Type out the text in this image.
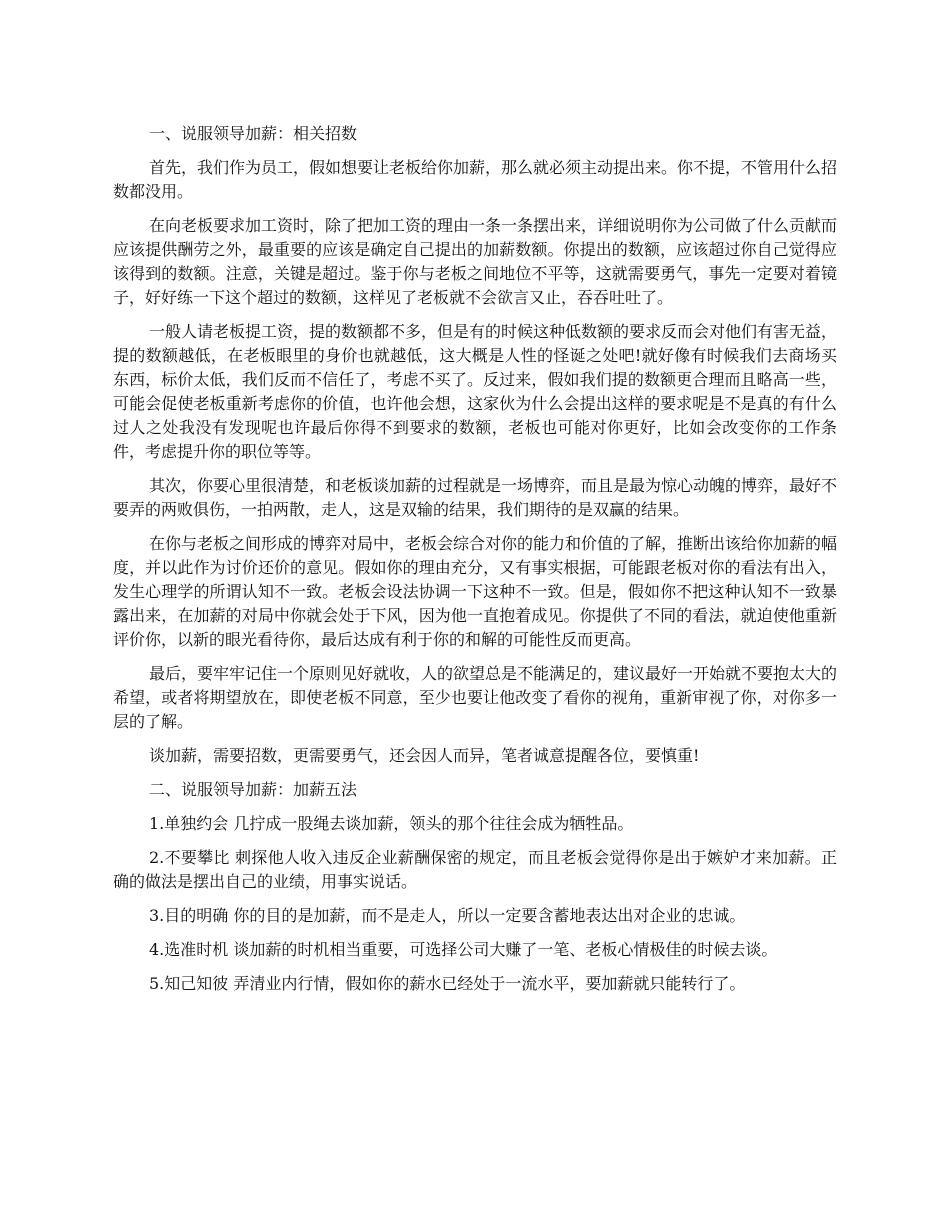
一、说服领导加薪：相关招数

首先，我们作为员工，假如想要让老板给你加薪，那么就必须主动提出来。你不提，不管用什么招数都没用。

在向老板要求加工资时，除了把加工资的理由一条一条摆出来，详细说明你为公司做了什么贡献而应该提供酬劳之外，最重要的应该是确定自己提出的加薪数额。你提出的数额，应该超过你自己觉得应该得到的数额。注意，关键是超过。鉴于你与老板之间地位不平等，这就需要勇气，事先一定要对着镜子，好好练一下这个超过的数额，这样见了老板就不会欲言又止，吞吞吐吐了。

一般人请老板提工资，提的数额都不多，但是有的时候这种低数额的要求反而会对他们有害无益，提的数额越低，在老板眼里的身价也就越低，这大概是人性的怪诞之处吧!就好像有时候我们去商场买东西，标价太低，我们反而不信任了，考虑不买了。反过来，假如我们提的数额更合理而且略高一些，可能会促使老板重新考虑你的价值，也许他会想，这家伙为什么会提出这样的要求呢是不是真的有什么过人之处我没有发现呢也许最后你得不到要求的数额，老板也可能对你更好，比如会改变你的工作条件，考虑提升你的职位等等。

其次，你要心里很清楚，和老板谈加薪的过程就是一场博弈，而且是最为惊心动魄的博弈，最好不要弄的两败俱伤，一拍两散，走人，这是双输的结果，我们期待的是双赢的结果。

在你与老板之间形成的博弈对局中，老板会综合对你的能力和价值的了解，推断出该给你加薪的幅度，并以此作为讨价还价的意见。假如你的理由充分，又有事实根据，可能跟老板对你的看法有出入，发生心理学的所谓认知不一致。老板会设法协调一下这种不一致。但是，假如你不把这种认知不一致暴露出来，在加薪的对局中你就会处于下风，因为他一直抱着成见。你提供了不同的看法，就迫使他重新评价你，以新的眼光看待你，最后达成有利于你的和解的可能性反而更高。

最后，要牢牢记住一个原则见好就收，人的欲望总是不能满足的，建议最好一开始就不要抱太大的希望，或者将期望放在，即使老板不同意，至少也要让他改变了看你的视角，重新审视了你，对你多一层的了解。

谈加薪，需要招数，更需要勇气，还会因人而异，笔者诚意提醒各位，要慎重!

二、说服领导加薪：加薪五法

1.单独约会 几拧成一股绳去谈加薪，领头的那个往往会成为牺牲品。

2.不要攀比 刺探他人收入违反企业薪酬保密的规定，而且老板会觉得你是出于嫉妒才来加薪。正确的做法是摆出自己的业绩，用事实说话。

3.目的明确 你的目的是加薪，而不是走人，所以一定要含蓄地表达出对企业的忠诚。

4.选准时机 谈加薪的时机相当重要，可选择公司大赚了一笔、老板心情极佳的时候去谈。

5.知己知彼 弄清业内行情，假如你的薪水已经处于一流水平，要加薪就只能转行了。
